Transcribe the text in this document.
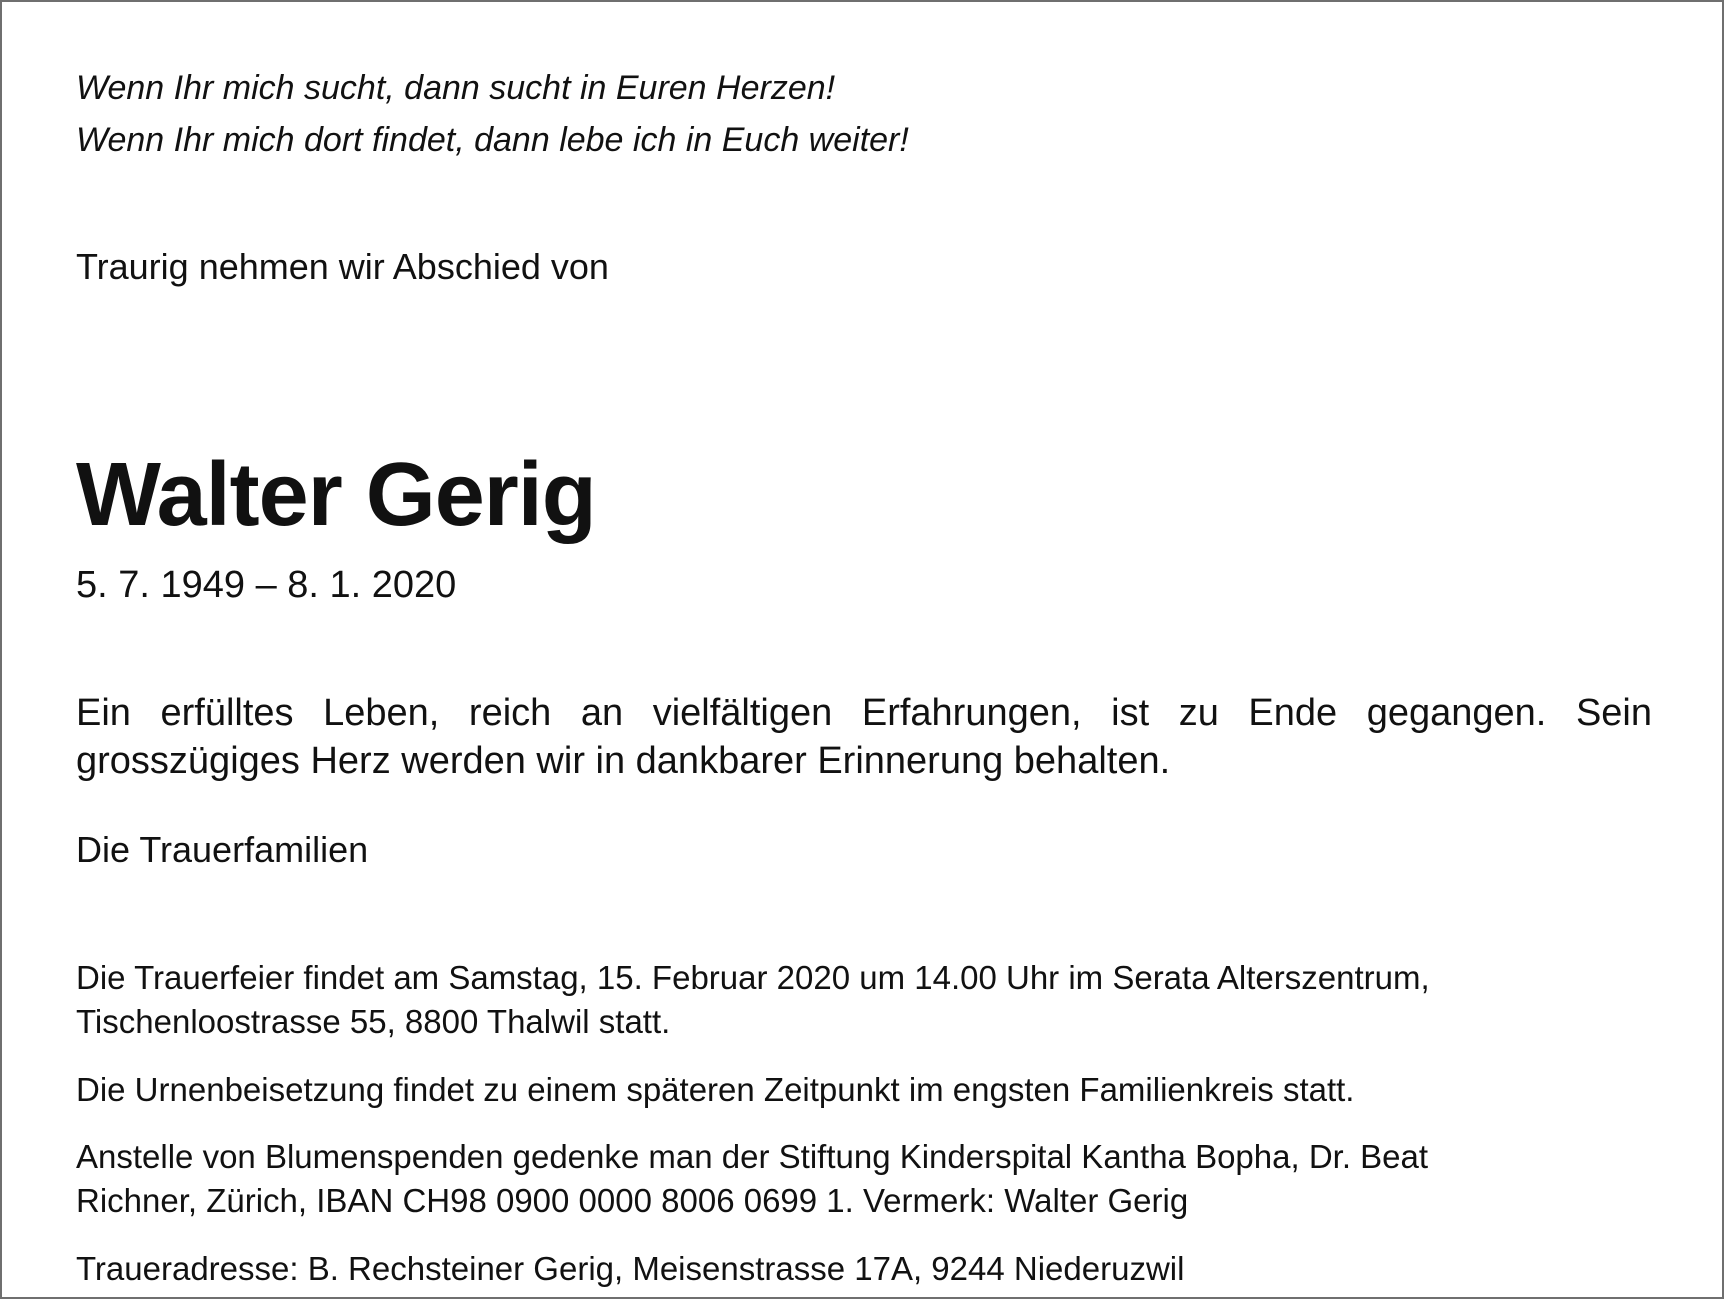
Wenn Ihr mich sucht, dann sucht in Euren Herzen!
Wenn Ihr mich dort findet, dann lebe ich in Euch weiter!

Traurig nehmen wir Abschied von

Walter Gerig

5. 7. 1949 – 8. 1. 2020

Ein erfülltes Leben, reich an vielfältigen Erfahrungen, ist zu Ende gegangen. Sein grosszügiges Herz werden wir in dankbarer Erinnerung behalten.

Die Trauerfamilien

Die Trauerfeier findet am Samstag, 15. Februar 2020 um 14.00 Uhr im Serata Alterszentrum,
Tischenloostrasse 55, 8800 Thalwil statt.

Die Urnenbeisetzung findet zu einem späteren Zeitpunkt im engsten Familienkreis statt.

Anstelle von Blumenspenden gedenke man der Stiftung Kinderspital Kantha Bopha, Dr. Beat
Richner, Zürich, IBAN CH98 0900 0000 8006 0699 1. Vermerk: Walter Gerig

Traueradresse: B. Rechsteiner Gerig, Meisenstrasse 17A, 9244 Niederuzwil
